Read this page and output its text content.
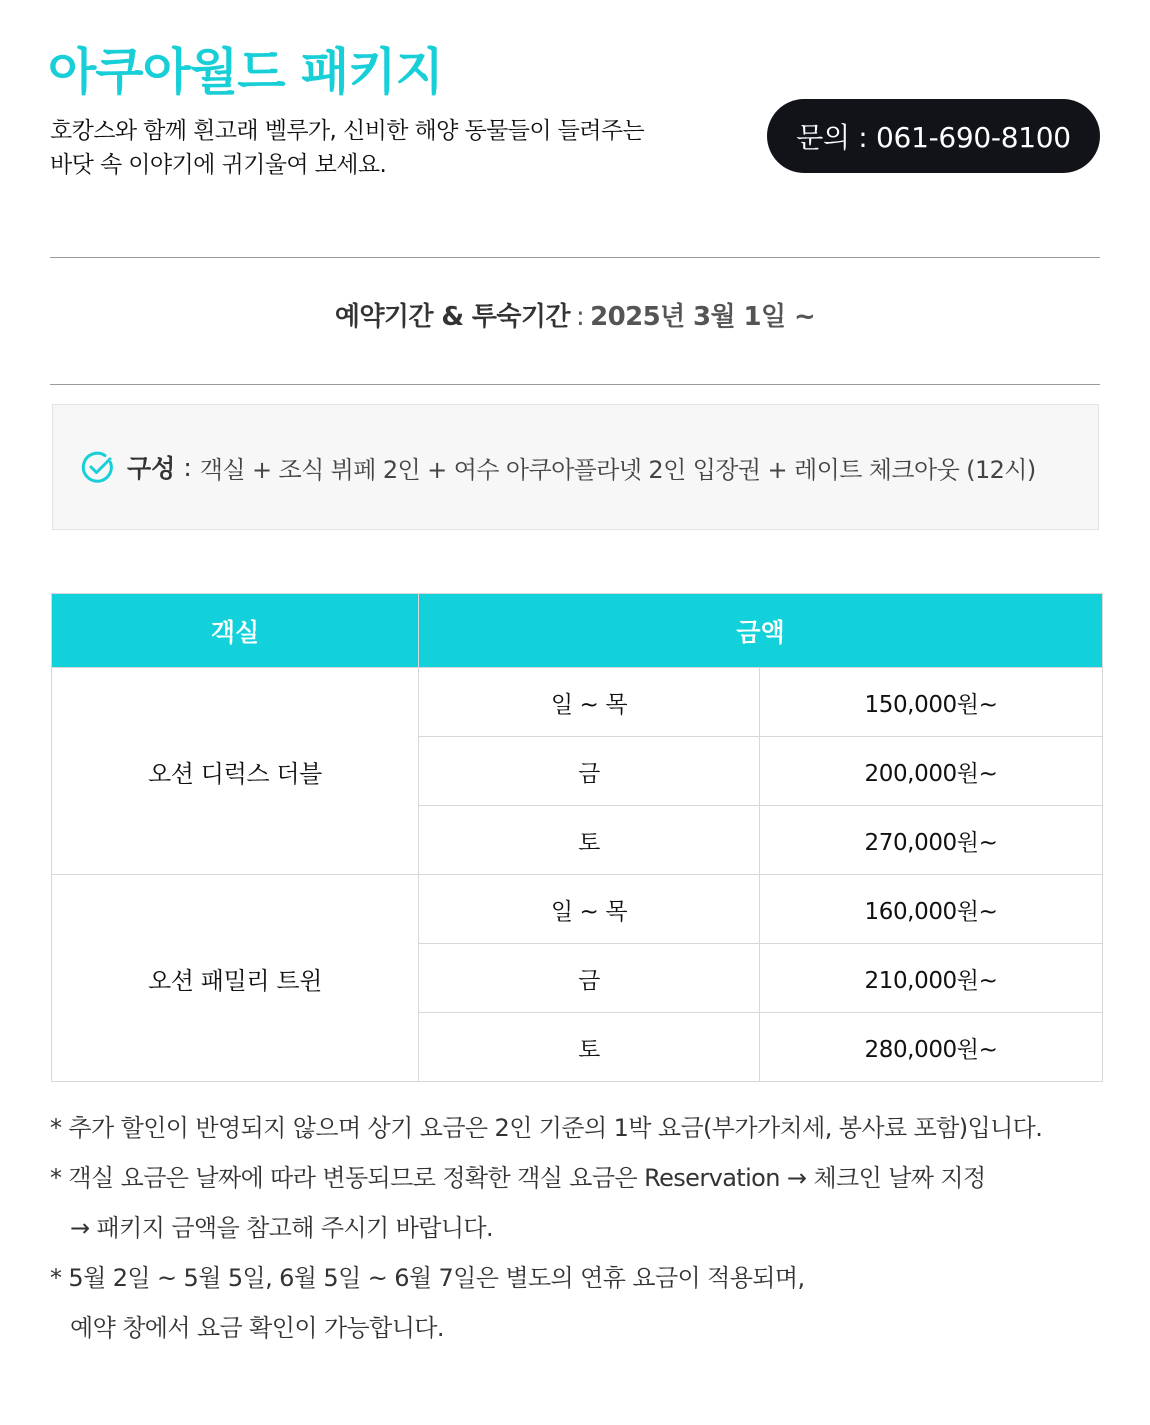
아쿠아월드 패키지
호캉스와 함께 흰고래 벨루가, 신비한 해양 동물들이 들려주는
바닷 속 이야기에 귀기울여 보세요.
문의 : 061-690-8100
예약기간 & 투숙기간 : 2025년 3월 1일 ~
구성 : 객실 + 조식 뷔페 2인 + 여수 아쿠아플라넷 2인 입장권 + 레이트 체크아웃 (12시)
객실	금액	
오션 디럭스 더블	일 ~ 목	150,000원~
	금	200,000원~
	토	270,000원~
오션 패밀리 트윈	일 ~ 목	160,000원~
	금	210,000원~
	토	280,000원~
* 추가 할인이 반영되지 않으며 상기 요금은 2인 기준의 1박 요금(부가가치세, 봉사료 포함)입니다.
* 객실 요금은 날짜에 따라 변동되므로 정확한 객실 요금은 Reservation → 체크인 날짜 지정
→ 패키지 금액을 참고해 주시기 바랍니다.
* 5월 2일 ~ 5월 5일, 6월 5일 ~ 6월 7일은 별도의 연휴 요금이 적용되며,
예약 창에서 요금 확인이 가능합니다.
